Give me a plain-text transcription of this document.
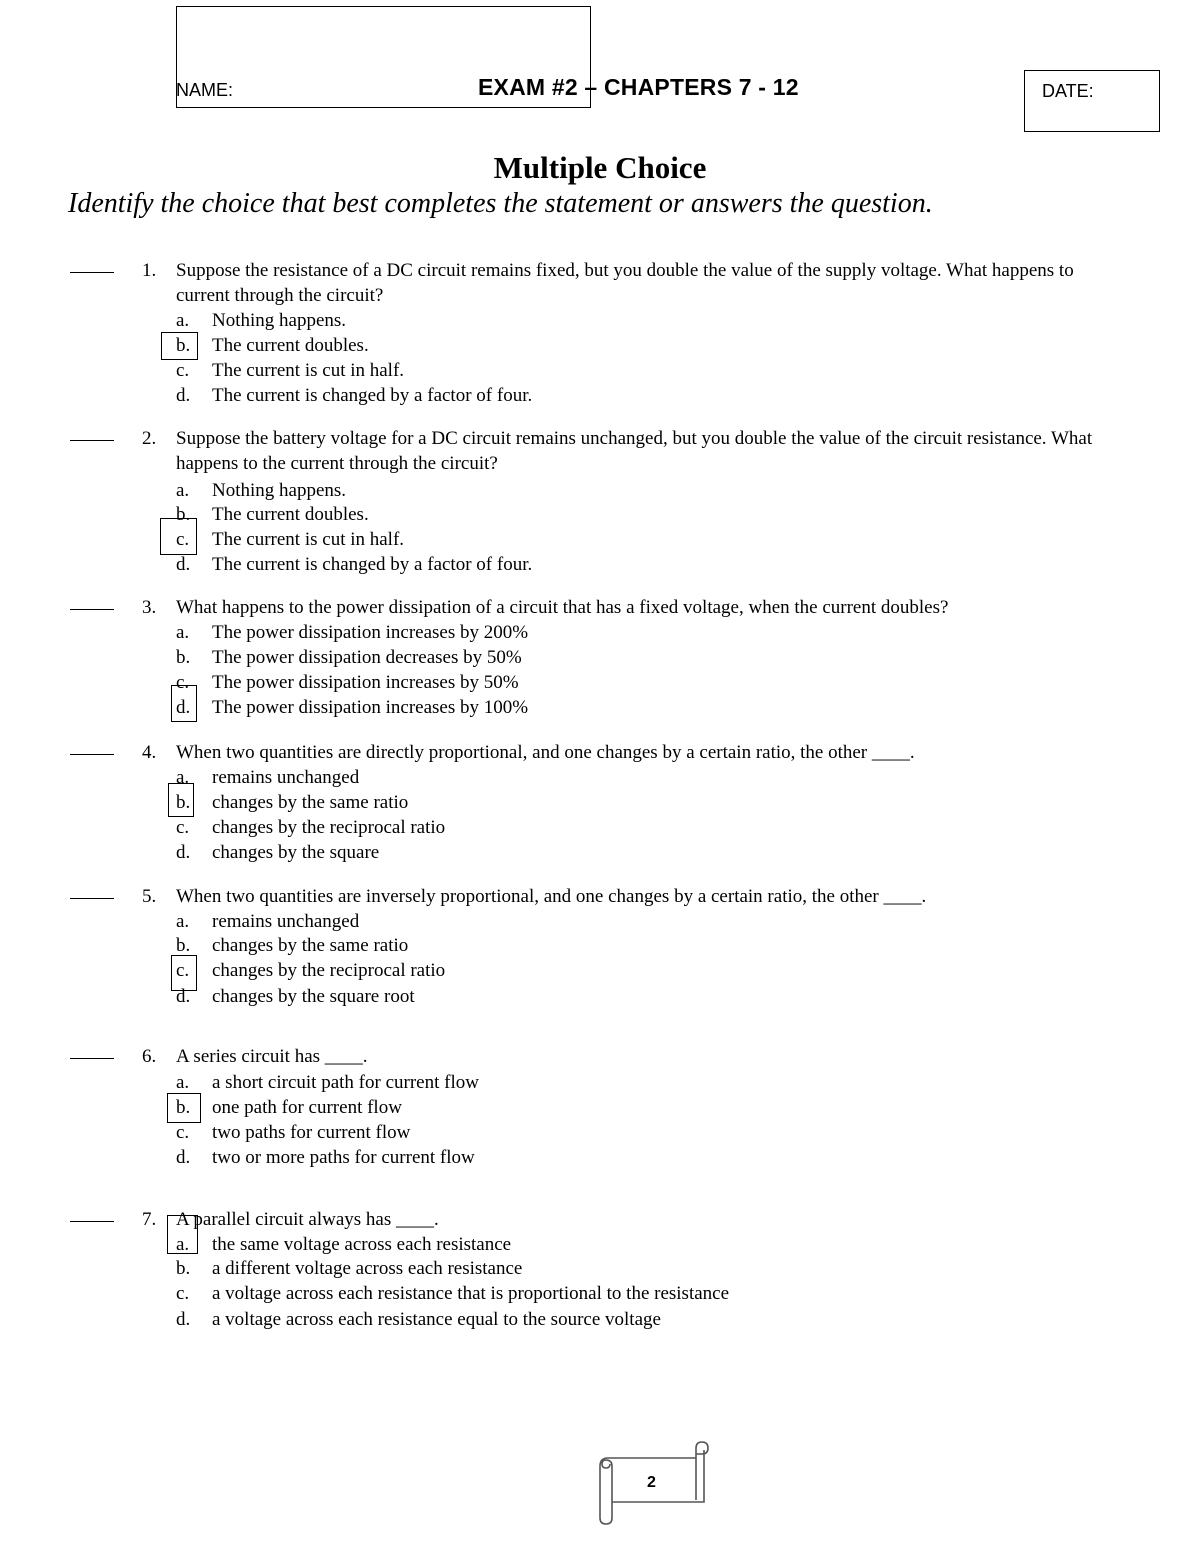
NAME:	EXAM #2 – CHAPTERS 7 - 12	DATE:
Multiple Choice
Identify the choice that best completes the statement or answers the question.
1. Suppose the resistance of a DC circuit remains fixed, but you double the value of the supply voltage. What happens to current through the circuit?
a. Nothing happens.
b. The current doubles.
c. The current is cut in half.
d. The current is changed by a factor of four.
2. Suppose the battery voltage for a DC circuit remains unchanged, but you double the value of the circuit resistance. What happens to the current through the circuit?
a. Nothing happens.
b. The current doubles.
c. The current is cut in half.
d. The current is changed by a factor of four.
3. What happens to the power dissipation of a circuit that has a fixed voltage, when the current doubles?
a. The power dissipation increases by 200%
b. The power dissipation decreases by 50%
c. The power dissipation increases by 50%
d. The power dissipation increases by 100%
4. When two quantities are directly proportional, and one changes by a certain ratio, the other ____.
a. remains unchanged
b. changes by the same ratio
c. changes by the reciprocal ratio
d. changes by the square
5. When two quantities are inversely proportional, and one changes by a certain ratio, the other ____.
a. remains unchanged
b. changes by the same ratio
c. changes by the reciprocal ratio
d. changes by the square root
6. A series circuit has ____.
a. a short circuit path for current flow
b. one path for current flow
c. two paths for current flow
d. two or more paths for current flow
7. A parallel circuit always has ____.
a. the same voltage across each resistance
b. a different voltage across each resistance
c. a voltage across each resistance that is proportional to the resistance
d. a voltage across each resistance equal to the source voltage
2
